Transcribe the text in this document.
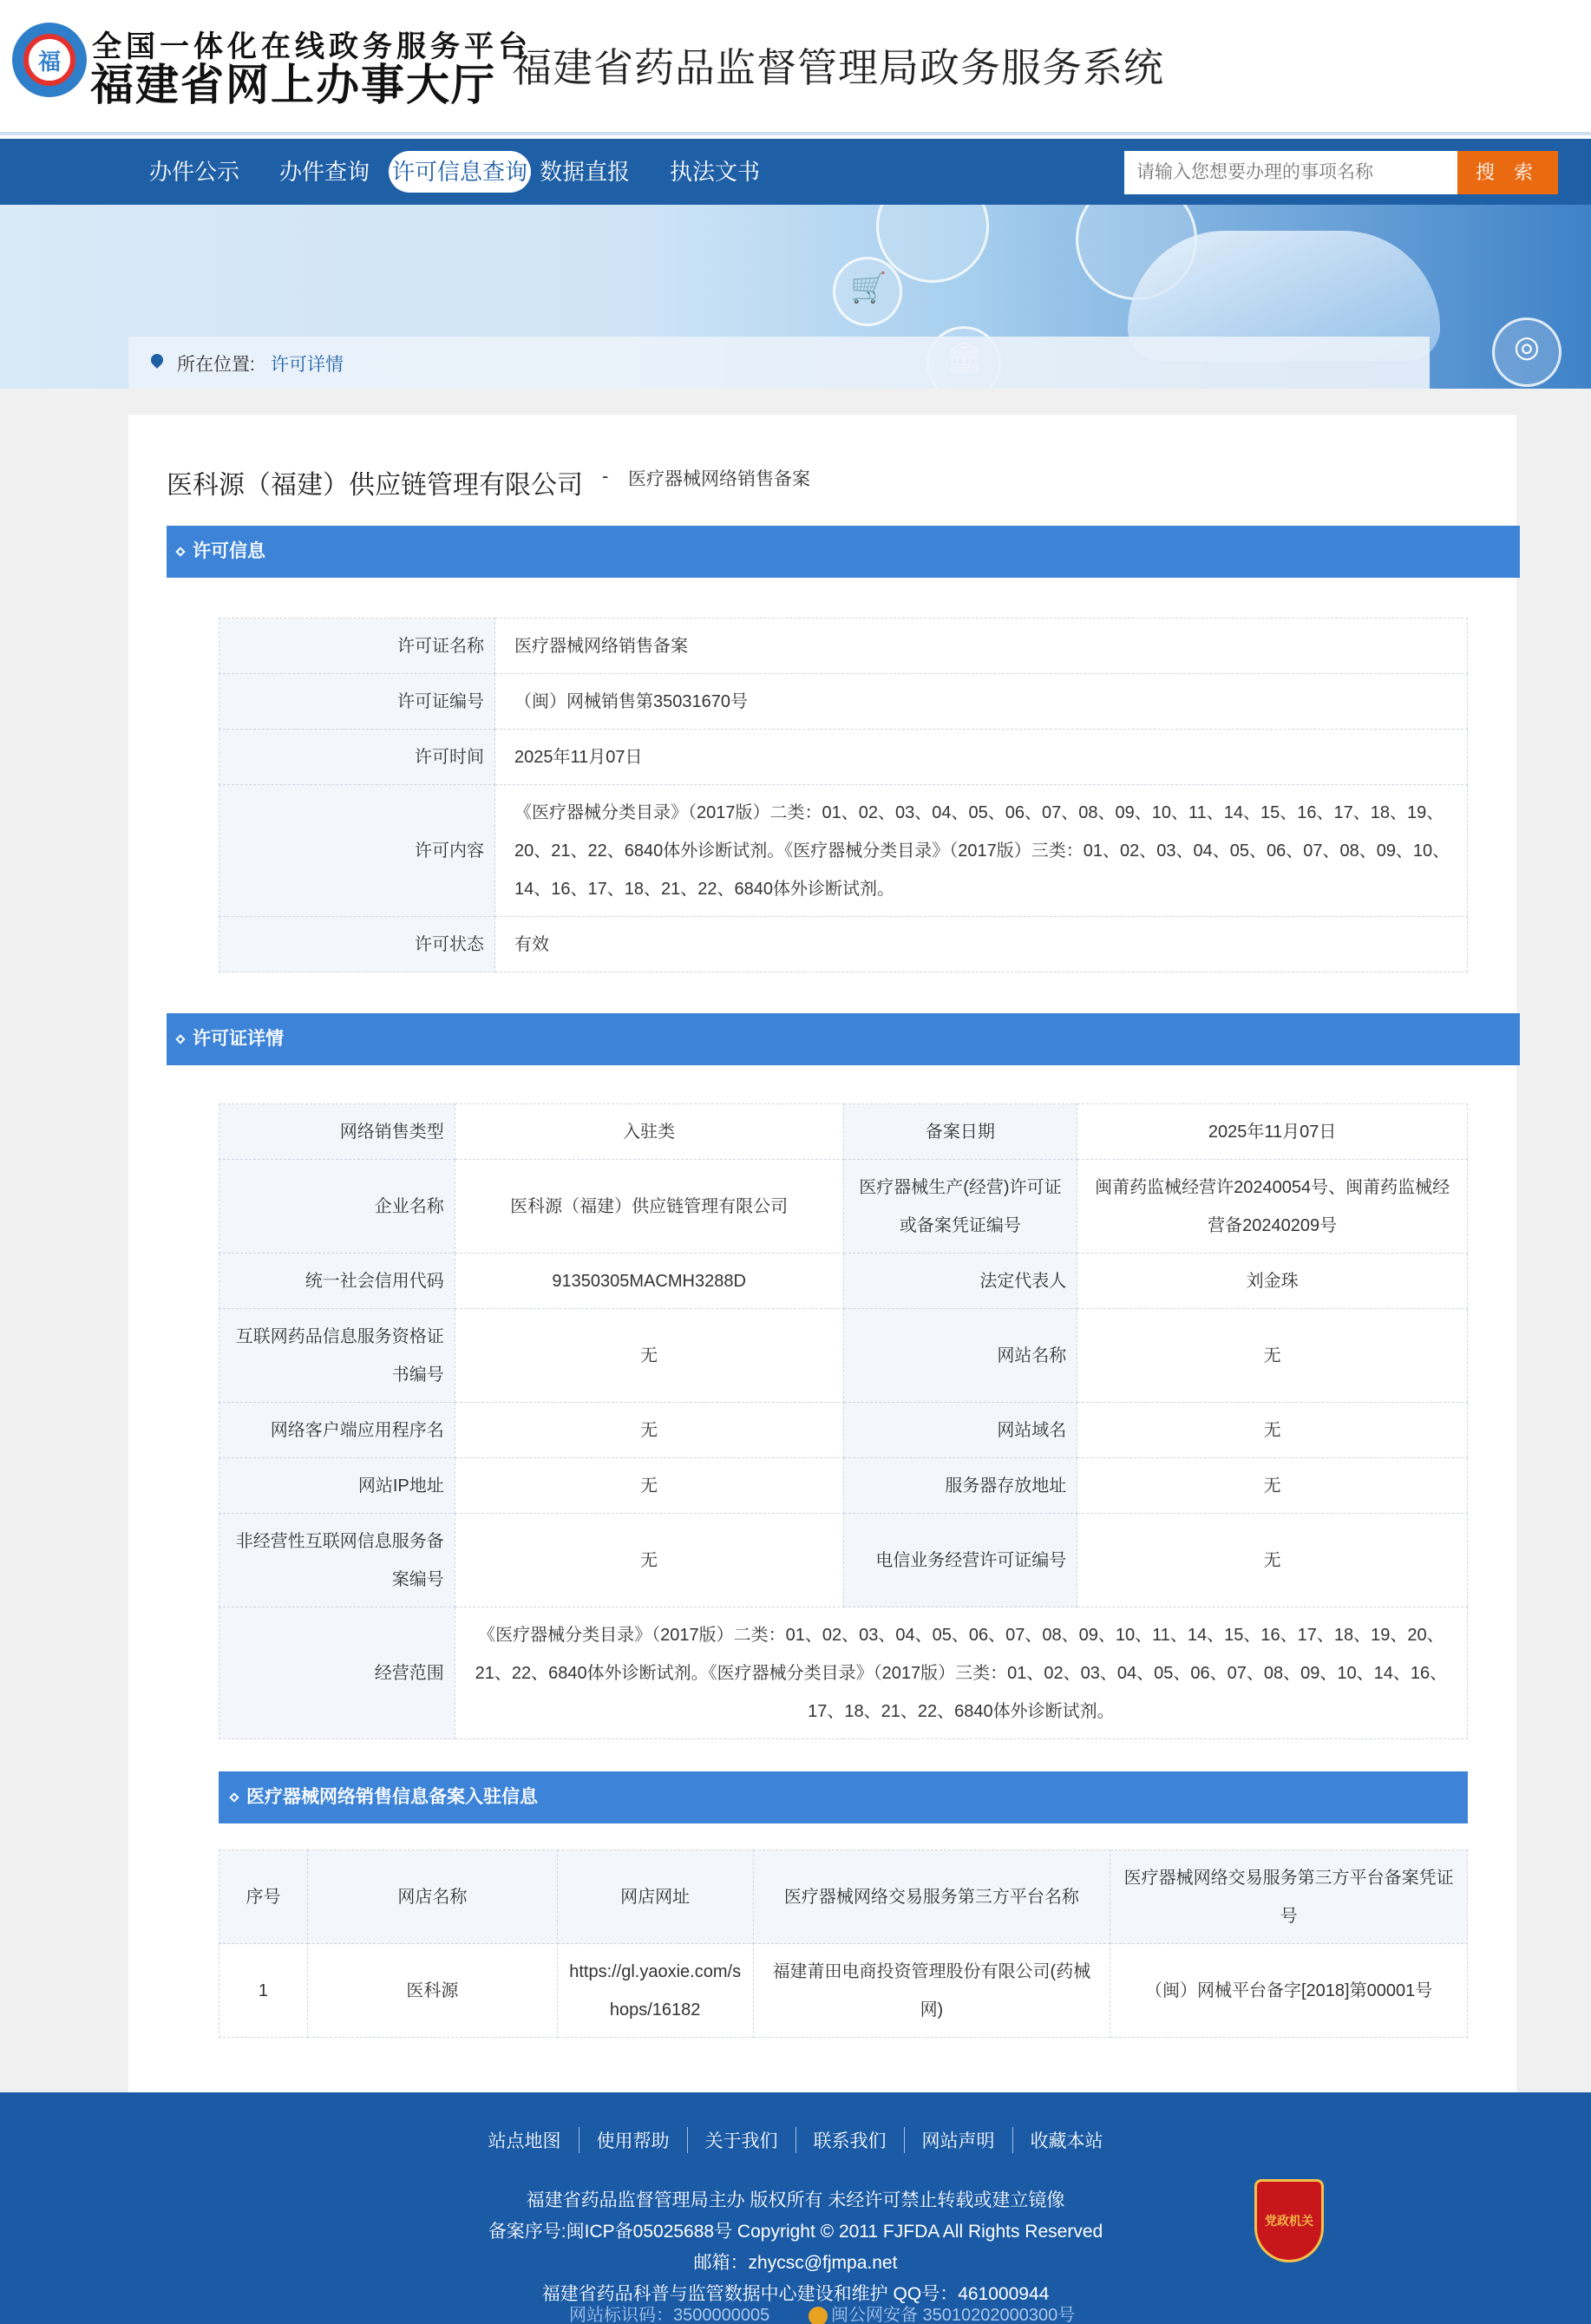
福	全国一体化在线政务服务平台
福建省网上办事大厅 福建省药品监督管理局政务服务系统
办件公示 办件查询 许可信息查询 数据直报 执法文书
请输入您想要办理的事项名称	搜 索
🛒
◎
所在位置: 许可详情
医科源（福建）供应链管理有限公司 - 医疗器械网络销售备案
许可信息
许可证名称	医疗器械网络销售备案
许可证编号	（闽）网械销售第35031670号
许可时间	2025年11月07日
许可内容	《医疗器械分类目录》（2017版）二类：01、02、03、04、05、06、07、08、09、10、11、14、15、16、17、18、19、20、21、22、6840体外诊断试剂。《医疗器械分类目录》（2017版）三类：01、02、03、04、05、06、07、08、09、10、14、16、17、18、21、22、6840体外诊断试剂。
许可状态	有效
许可证详情
网络销售类型	入驻类	备案日期	2025年11月07日
企业名称	医科源（福建）供应链管理有限公司	医疗器械生产(经营)许可证或备案凭证编号	闽莆药监械经营许20240054号、闽莆药监械经营备20240209号
统一社会信用代码	91350305MACMH3288D	法定代表人	刘金珠
互联网药品信息服务资格证书编号	无	网站名称	无
网络客户端应用程序名	无	网站域名	无
网站IP地址	无	服务器存放地址	无
非经营性互联网信息服务备案编号	无	电信业务经营许可证编号	无
经营范围	《医疗器械分类目录》（2017版）二类：01、02、03、04、05、06、07、08、09、10、11、14、15、16、17、18、19、20、21、22、6840体外诊断试剂。《医疗器械分类目录》（2017版）三类：01、02、03、04、05、06、07、08、09、10、14、16、17、18、21、22、6840体外诊断试剂。		
医疗器械网络销售信息备案入驻信息
序号	网店名称	网店网址	医疗器械网络交易服务第三方平台名称	医疗器械网络交易服务第三方平台备案凭证号
1	医科源	https://gl.yaoxie.com/shops/16182	福建莆田电商投资管理股份有限公司(药械网)	（闽）网械平台备字[2018]第00001号
站点地图 使用帮助 关于我们 联系我们 网站声明 收藏本站
福建省药品监督管理局主办 版权所有 未经许可禁止转载或建立镜像
备案序号:闽ICP备05025688号 Copyright © 2011 FJFDA All Rights Reserved
邮箱：zhycsc@fjmpa.net
福建省药品科普与监管数据中心建设和维护 QQ号：461000944
党政机关
网站标识码：3500000005	闽公网安备 35010202000300号
